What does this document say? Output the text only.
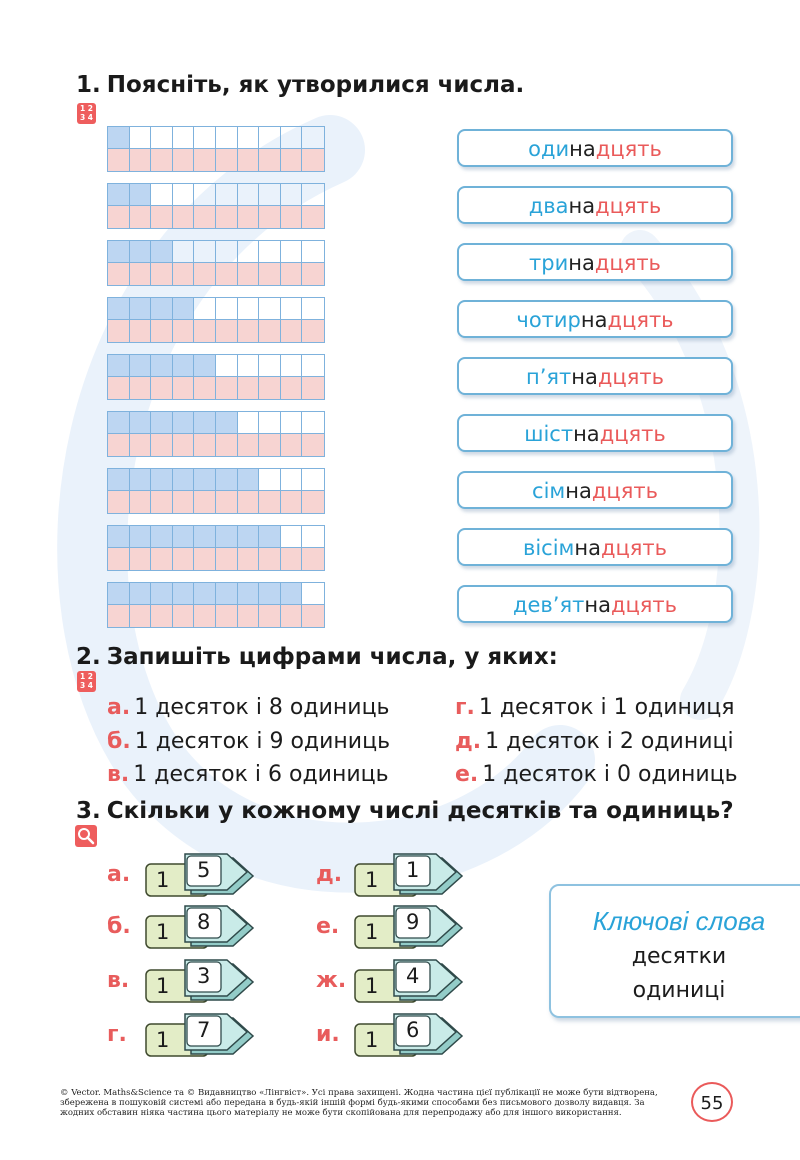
1. Поясніть, як утворилися числа.
1 2
3 4
одинадцять
дванадцять
тринадцять
чотирнадцять
п’ятнадцять
шістнадцять
сімнадцять
вісімнадцять
дев’ятнадцять
2. Запишіть цифрами числа, у яких:
1 2
3 4
а. 1 десяток і 8 одиниць
б. 1 десяток і 9 одиниць
в. 1 десяток і 6 одиниць
г. 1 десяток і 1 одиниця
д. 1 десяток і 2 одиниці
е. 1 десяток і 0 одиниць
3. Скільки у кожному числі десятків та одиниць?
а. 1 5
б. 1 8
в. 1 3
г. 1 7
д. 1 1
е. 1 9
ж. 1 4
и. 1 6
Ключові слова
десятки
одиниці
© Vector. Maths&Science та © Видавництво «Лінгвіст». Усі права захищені. Жодна частина цієї публікації не може бути відтворена, збережена в пошуковій системі або передана в будь-якій іншій формі будь-якими способами без письмового дозволу видавця. За жодних обставин ніяка частина цього матеріалу не може бути скопійована для перепродажу або для іншого використання.	55
